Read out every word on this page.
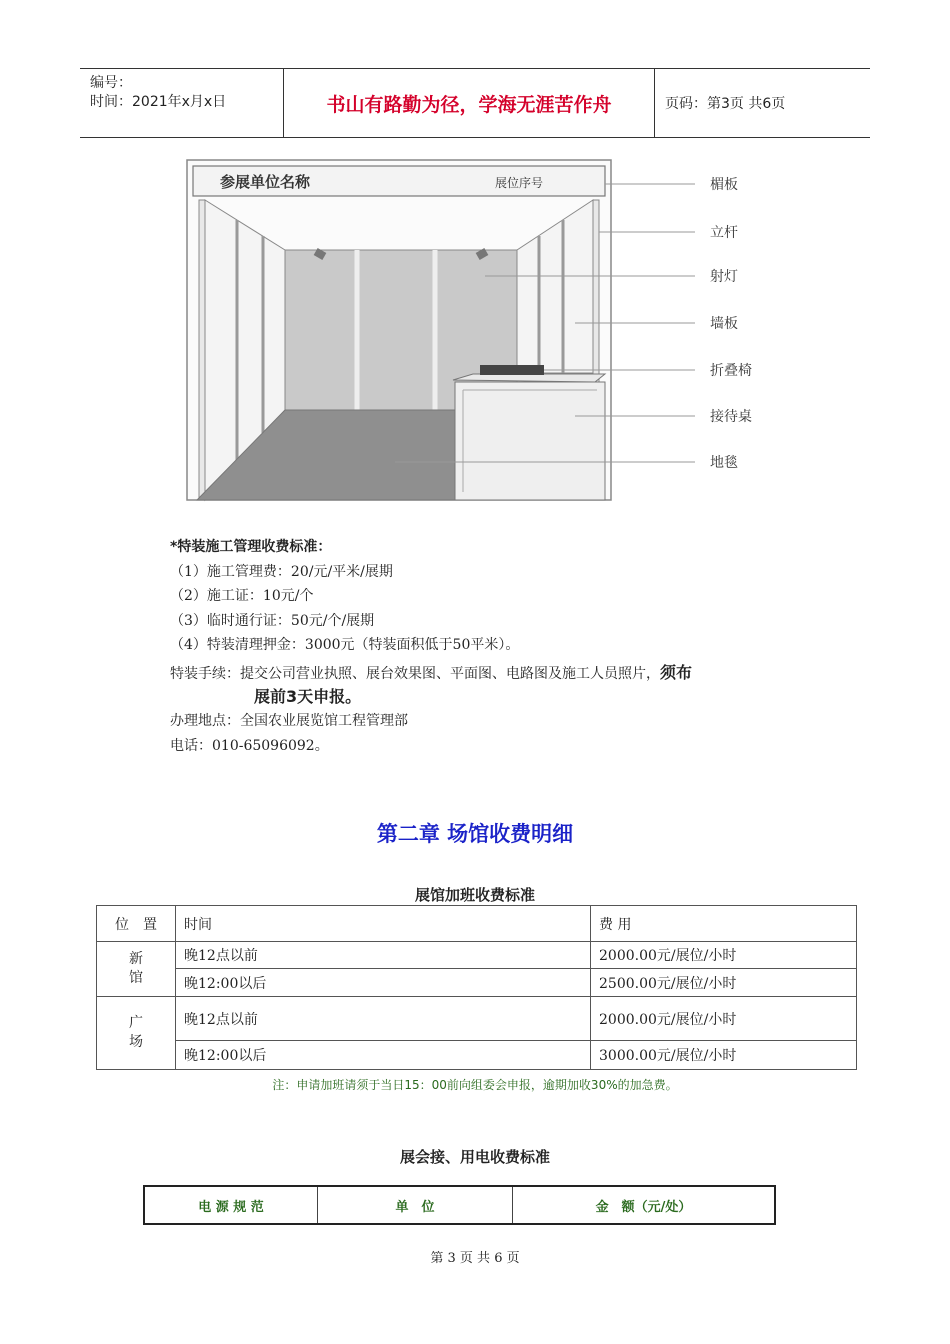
编号：
时间：2021年x月x日	书山有路勤为径，学海无涯苦作舟	页码：第3页 共6页
参展单位名称	展位序号	楣板
立杆
射灯
墙板
折叠椅
接待桌
地毯
*特装施工管理收费标准：
（1）施工管理费：20/元/平米/展期
（2）施工证：10元/个
（3）临时通行证：50元/个/展期
（4）特装清理押金：3000元（特装面积低于50平米）。
特装手续：提交公司营业执照、展台效果图、平面图、电路图及施工人员照片，须布
展前3天申报。
办理地点：全国农业展览馆工程管理部
电话：010-65096092。
第二章 场馆收费明细
展馆加班收费标准
位　置	时间	费 用

新馆	晚12点以前	2000.00元/展位/小时
	晚12:00以后	2500.00元/展位/小时

广场	晚12点以前	2000.00元/展位/小时
	晚12:00以后	3000.00元/展位/小时
注：申请加班请须于当日15：00前向组委会申报，逾期加收30%的加急费。
展会接、用电收费标准
电 源 规 范	单　位	金　额（元/处）
第 3 页 共 6 页
